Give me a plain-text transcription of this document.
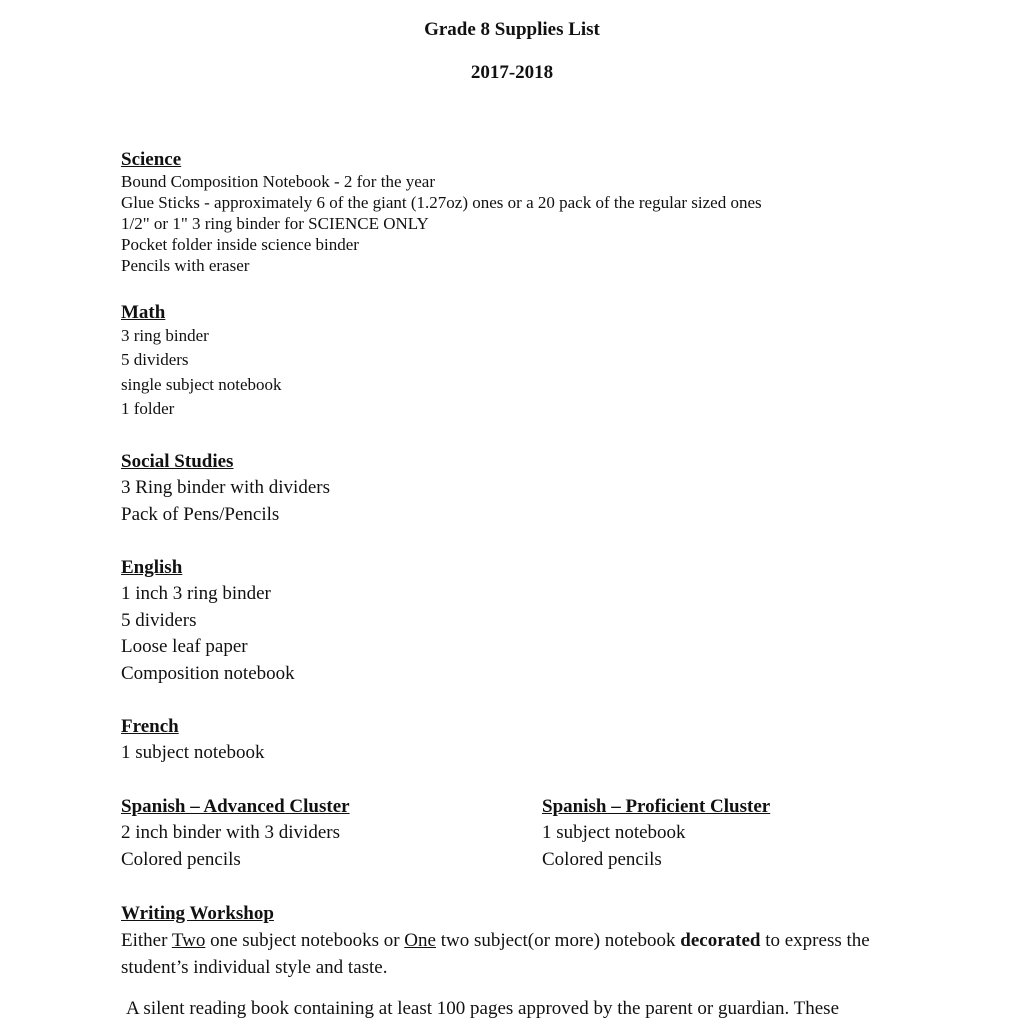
Grade 8 Supplies List
2017-2018
Science
Bound Composition Notebook - 2 for the year
Glue Sticks - approximately 6 of the giant (1.27oz) ones or a 20 pack of the regular sized ones
1/2" or 1" 3 ring binder for SCIENCE ONLY
Pocket folder inside science binder
Pencils with eraser
Math
3 ring binder
5 dividers
single subject notebook
1 folder
Social Studies
3 Ring binder with dividers
Pack of Pens/Pencils
English
1 inch 3 ring binder
5 dividers
Loose leaf paper
Composition notebook
French
1 subject notebook
Spanish – Advanced Cluster
2 inch binder with 3 dividers
Colored pencils
Spanish – Proficient Cluster
1 subject notebook
Colored pencils
Writing Workshop
Either Two one subject notebooks or One two subject(or more) notebook decorated to express the student’s individual style and taste.
A silent reading book containing at least 100 pages approved by the parent or guardian. These
